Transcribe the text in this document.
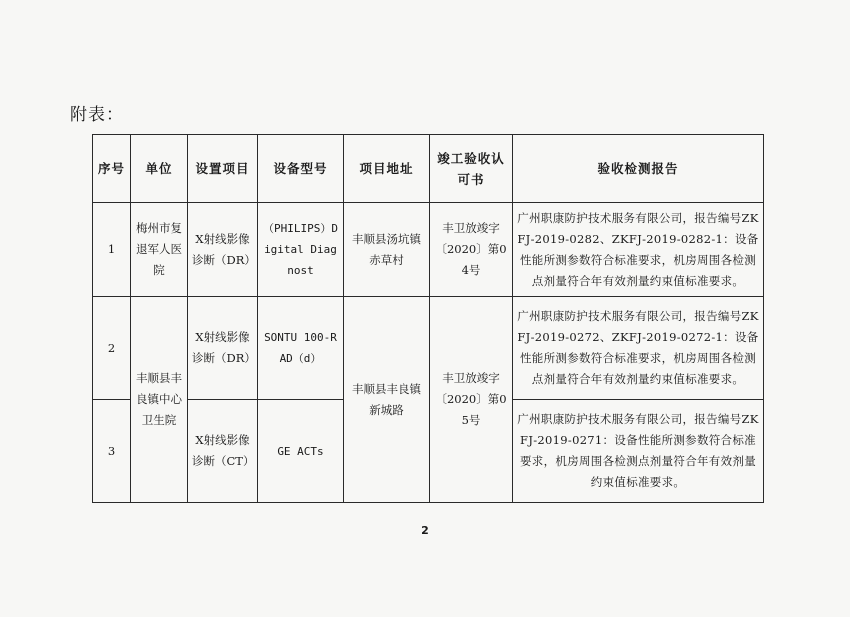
附表：
序号	单位	设置项目	设备型号	项目地址	竣工验收认可书	验收检测报告
1	梅州市复退军人医院	X射线影像诊断（DR）	（PHILIPS）Digital Diagnost	丰顺县汤坑镇赤草村	丰卫放竣字〔2020〕第04号	广州职康防护技术服务有限公司，报告编号ZKFJ-2019-0282、ZKFJ-2019-0282-1：设备性能所测参数符合标准要求，机房周围各检测点剂量符合年有效剂量约束值标准要求。
2	丰顺县丰良镇中心卫生院	X射线影像诊断（DR）	SONTU 100-RAD（d）	丰顺县丰良镇新城路	丰卫放竣字〔2020〕第05号	广州职康防护技术服务有限公司，报告编号ZKFJ-2019-0272、ZKFJ-2019-0272-1：设备性能所测参数符合标准要求，机房周围各检测点剂量符合年有效剂量约束值标准要求。
3		X射线影像诊断（CT）	GE ACTs			广州职康防护技术服务有限公司，报告编号ZKFJ-2019-0271：设备性能所测参数符合标准要求，机房周围各检测点剂量符合年有效剂量约束值标准要求。
2
